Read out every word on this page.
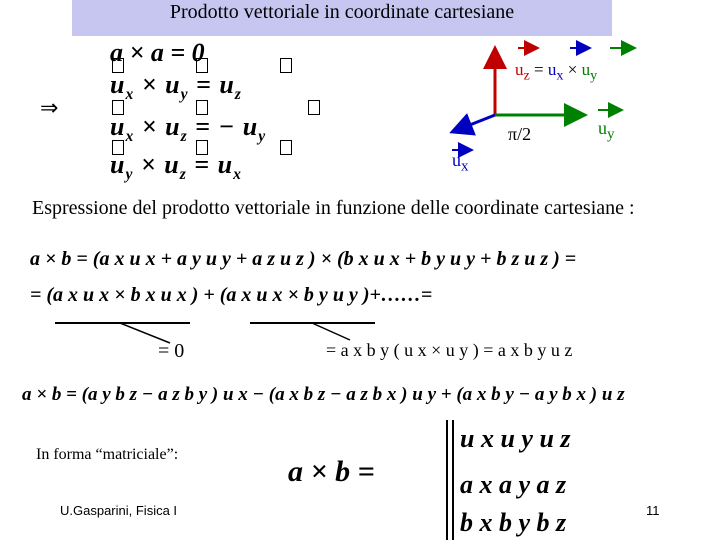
Prodotto vettoriale in coordinate cartesiane
⇒
a × a = 0
$u_x \times u_y = u_z$
$u_x \times u_z$ = − $u_y$
$u_y \times u_z = u_x$
$u_z = u_x \times u_y$
π/2	$u_y$
$u_x$
Espressione del prodotto vettoriale in funzione delle coordinate cartesiane :
a × b = (a x u x + a y u y + a z u z ) × (b x u x + b y u y + b z u z ) =
= (a x u x × b x u x ) + (a x u x × b y u y )+……=
= 0	= a x b y ( u x × u y ) = a x b y u z
a × b = (a y b z − a z b y ) u x − (a x b z − a z b x ) u y + (a x b y − a y b x ) u z
In forma “matriciale”:
a × b =
u x u y u z
a x a y a z
b x b y b z
U.Gasparini, Fisica I	11
